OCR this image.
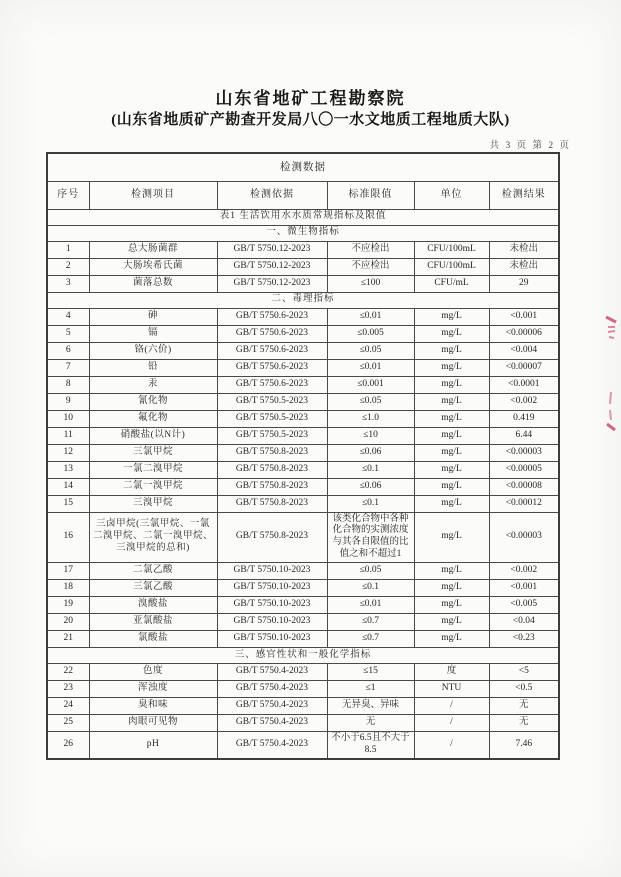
山东省地矿工程勘察院
(山东省地质矿产勘查开发局八〇一水文地质工程地质大队)
共 3 页 第 2 页
检测数据					
序号	检测项目	检测依据	标准限值	单位	检测结果
表1 生活饮用水水质常规指标及限值					
一、微生物指标					
1	总大肠菌群	GB/T 5750.12-2023	不应检出	CFU/100mL	未检出
2	大肠埃希氏菌	GB/T 5750.12-2023	不应检出	CFU/100mL	未检出
3	菌落总数	GB/T 5750.12-2023	≤100	CFU/mL	29
二、毒理指标					
4	砷	GB/T 5750.6-2023	≤0.01	mg/L	<0.001
5	镉	GB/T 5750.6-2023	≤0.005	mg/L	<0.00006
6	铬(六价)	GB/T 5750.6-2023	≤0.05	mg/L	<0.004
7	铅	GB/T 5750.6-2023	≤0.01	mg/L	<0.00007
8	汞	GB/T 5750.6-2023	≤0.001	mg/L	<0.0001
9	氰化物	GB/T 5750.5-2023	≤0.05	mg/L	<0.002
10	氟化物	GB/T 5750.5-2023	≤1.0	mg/L	0.419
11	硝酸盐(以N计)	GB/T 5750.5-2023	≤10	mg/L	6.44
12	三氯甲烷	GB/T 5750.8-2023	≤0.06	mg/L	<0.00003
13	一氯二溴甲烷	GB/T 5750.8-2023	≤0.1	mg/L	<0.00005
14	二氯一溴甲烷	GB/T 5750.8-2023	≤0.06	mg/L	<0.00008
15	三溴甲烷	GB/T 5750.8-2023	≤0.1	mg/L	<0.00012
16	三卤甲烷(三氯甲烷、一氯二溴甲烷、二氯一溴甲烷、三溴甲烷的总和)	GB/T 5750.8-2023	该类化合物中各种化合物的实测浓度与其各自限值的比值之和不超过1	mg/L	<0.00003
17	二氯乙酸	GB/T 5750.10-2023	≤0.05	mg/L	<0.002
18	三氯乙酸	GB/T 5750.10-2023	≤0.1	mg/L	<0.001
19	溴酸盐	GB/T 5750.10-2023	≤0.01	mg/L	<0.005
20	亚氯酸盐	GB/T 5750.10-2023	≤0.7	mg/L	<0.04
21	氯酸盐	GB/T 5750.10-2023	≤0.7	mg/L	<0.23
三、感官性状和一般化学指标					
22	色度	GB/T 5750.4-2023	≤15	度	<5
23	浑浊度	GB/T 5750.4-2023	≤1	NTU	<0.5
24	臭和味	GB/T 5750.4-2023	无异臭、异味	/	无
25	肉眼可见物	GB/T 5750.4-2023	无	/	无
26	pH	GB/T 5750.4-2023	不小于6.5且不大于8.5	/	7.46
